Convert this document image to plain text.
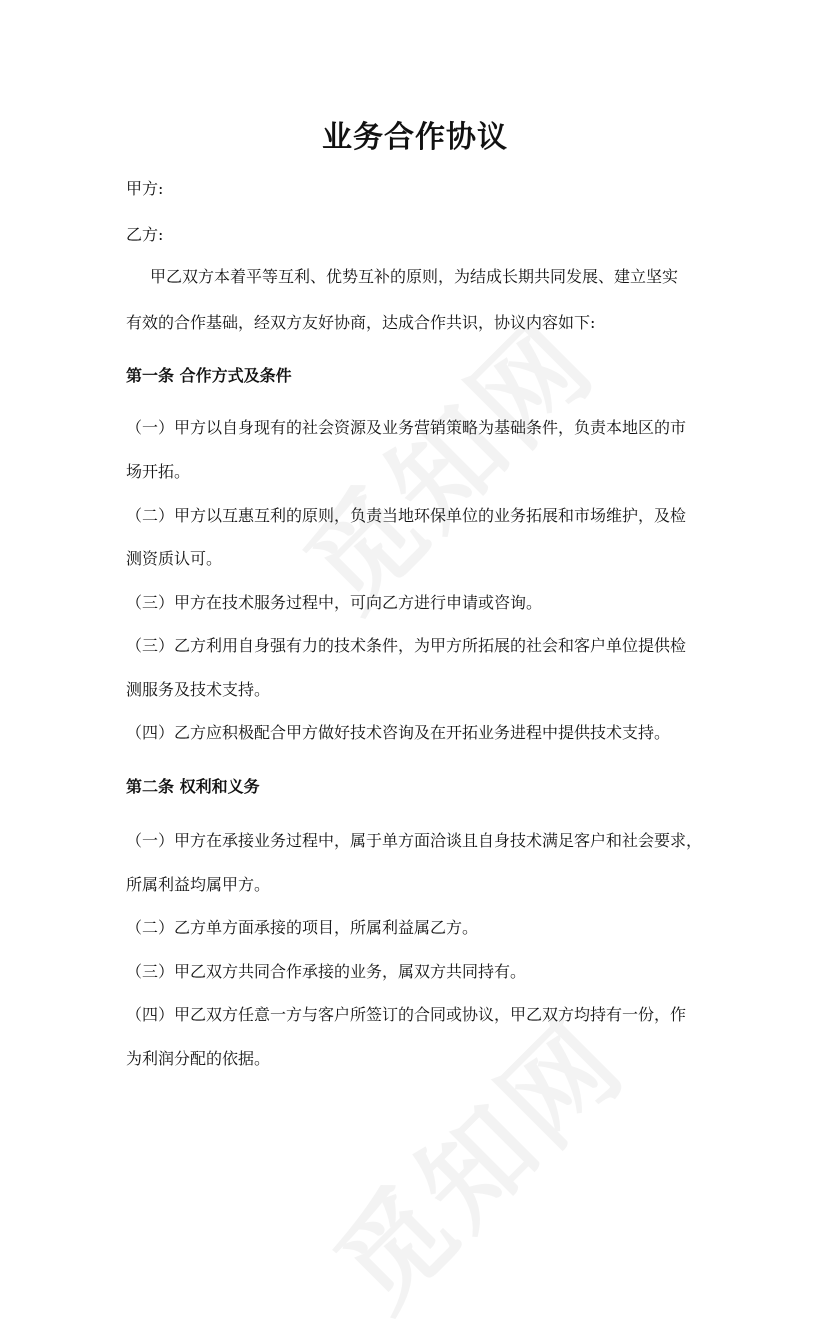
业务合作协议
甲方:
乙方:
甲乙双方本着平等互利、优势互补的原则，为结成长期共同发展、建立坚实
有效的合作基础，经双方友好协商，达成合作共识，协议内容如下:
第一条 合作方式及条件
（一）甲方以自身现有的社会资源及业务营销策略为基础条件，负责本地区的市
场开拓。
（二）甲方以互惠互利的原则，负责当地环保单位的业务拓展和市场维护，及检
测资质认可。
（三）甲方在技术服务过程中，可向乙方进行申请或咨询。
（三）乙方利用自身强有力的技术条件，为甲方所拓展的社会和客户单位提供检
测服务及技术支持。
（四）乙方应积极配合甲方做好技术咨询及在开拓业务进程中提供技术支持。
第二条 权利和义务
（一）甲方在承接业务过程中，属于单方面洽谈且自身技术满足客户和社会要求，
所属利益均属甲方。
（二）乙方单方面承接的项目，所属利益属乙方。
（三）甲乙双方共同合作承接的业务，属双方共同持有。
（四）甲乙双方任意一方与客户所签订的合同或协议，甲乙双方均持有一份，作
为利润分配的依据。
